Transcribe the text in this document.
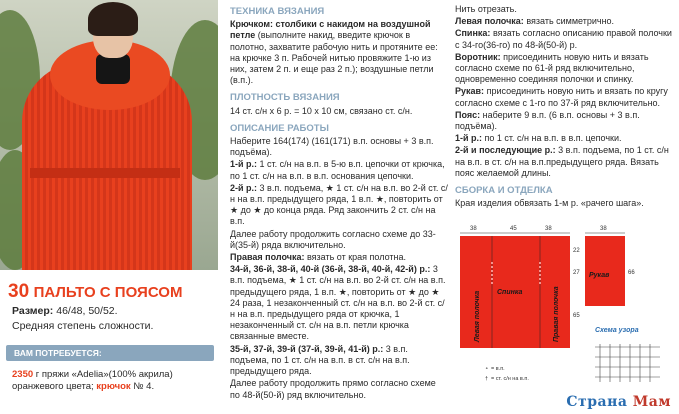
30 ПАЛЬТО С ПОЯСОМ
Размер: 46/48, 50/52.
Средняя степень сложности.
ВАМ ПОТРЕБУЕТСЯ:
2350 г пряжи «Adelia»(100% акрила) оранжевого цвета; крючок № 4.
ТЕХНИКА ВЯЗАНИЯ

Крючком: столбики с накидом на воздушной петле (выполните накид, введите крючок в полотно, захватите рабочую нить и протяните ее: на крючке 3 п. Рабочей нитью провяжите 1-ю из них, затем 2 п. и еще раз 2 п.); воздушные петли (в.п.).

ПЛОТНОСТЬ ВЯЗАНИЯ

14 ст. с/н х 6 р. = 10 х 10 см, связано ст. с/н.

ОПИСАНИЕ РАБОТЫ

Наберите 164(174) (161(171) в.п. основы + 3 в.п. подъёма).

1-й р.: 1 ст. с/н на в.п. в 5-ю в.п. цепочки от крючка, по 1 ст. с/н на в.п. в в.п. основания цепочки.

2-й р.: 3 в.п. подъема, ★ 1 ст. с/н на в.п. во 2-й ст. с/н на в.п. предыдущего ряда, 1 в.п. ★, повторить от ★ до ★ до конца ряда. Ряд закончить 2 ст. с/н на в.п.

Далее работу продолжить согласно схеме до 33-й(35-й) ряда включительно.

Правая полочка: вязать от края полотна.

34-й, 36-й, 38-й, 40-й (36-й, 38-й, 40-й, 42-й) р.: 3 в.п. подъема, ★ 1 ст. с/н на в.п. во 2-й ст. с/н на в.п. предыдущего ряда, 1 в.п. ★, повторить от ★ до ★ 24 раза, 1 незаконченный ст. с/н на в.п. во 2-й ст. с/н на в.п. предыдущего ряда от крючка, 1 незаконченный ст. с/н на в.п. петли крючка связанные вместе.

35-й, 37-й, 39-й (37-й, 39-й, 41-й) р.: 3 в.п. подъема, по 1 ст. с/н на в.п. в ст. с/н на в.п. предыдущего ряда.

Далее работу продолжить прямо согласно схеме по 48-й(50-й) ряд включительно.

Нить отрезать.

Левая полочка: вязать симметрично.

Спинка: вязать согласно описанию правой полочки с 34-го(36-го) по 48-й(50-й) р.

Воротник: присоединить новую нить и вязать согласно схеме по 61-й ряд включительно, одновременно соединяя полочки и спинку.

Рукав: присоединить новую нить и вязать по кругу согласно схеме с 1-го по 37-й ряд включительно.

Пояс: наберите 9 в.п. (6 в.п. основы + 3 в.п. подъёма).

1-й р.: по 1 ст. с/н на в.п. в в.п. цепочки.

2-й и последующие р.: 3 в.п. подъема, по 1 ст. с/н на в.п. в ст. с/н на в.п.предыдущего ряда. Вязать пояс желаемой длины.

СБОРКА И ОТДЕЛКА

Края изделия обвязать 1-м р. «рачего шага».

38	45	38	38
Левая полочка Спинка	Правая полочка
Рукав
22
27
65
66
Схема узора
∘ = в.п.
† = ст. с/н на в.п.
Страна Мам
